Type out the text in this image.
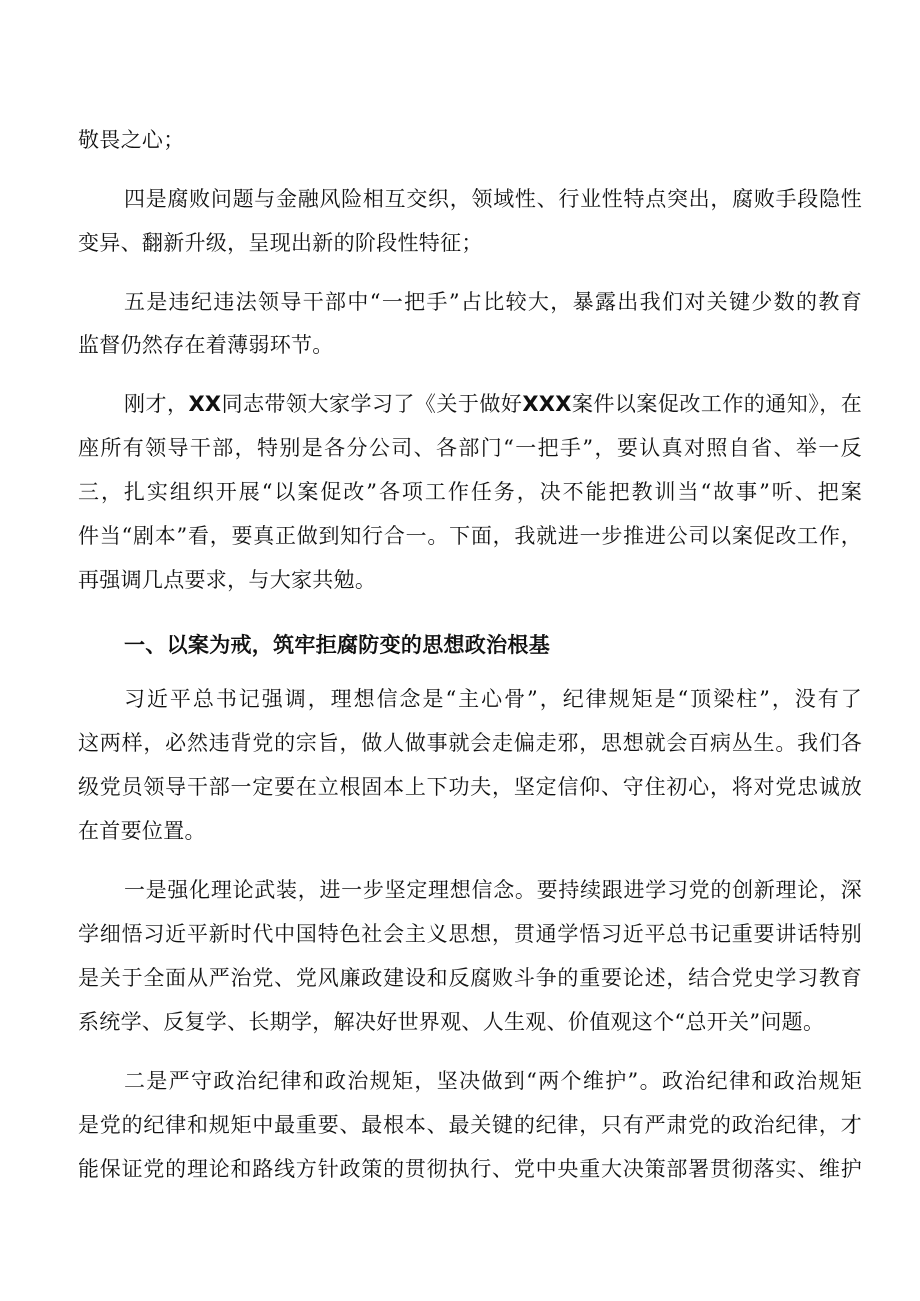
敬畏之心；
四是腐败问题与金融风险相互交织，领域性、行业性特点突出，腐败手段隐性
变异、翻新升级，呈现出新的阶段性特征；
五是违纪违法领导干部中“一把手”占比较大，暴露出我们对关键少数的教育
监督仍然存在着薄弱环节。
刚才，XX同志带领大家学习了《关于做好XXX案件以案促改工作的通知》，在
座所有领导干部，特别是各分公司、各部门“一把手”，要认真对照自省、举一反
三，扎实组织开展“以案促改”各项工作任务，决不能把教训当“故事”听、把案
件当“剧本”看，要真正做到知行合一。下面，我就进一步推进公司以案促改工作，
再强调几点要求，与大家共勉。
一、以案为戒，筑牢拒腐防变的思想政治根基
习近平总书记强调，理想信念是“主心骨”，纪律规矩是“顶梁柱”，没有了
这两样，必然违背党的宗旨，做人做事就会走偏走邪，思想就会百病丛生。我们各
级党员领导干部一定要在立根固本上下功夫，坚定信仰、守住初心，将对党忠诚放
在首要位置。
一是强化理论武装，进一步坚定理想信念。要持续跟进学习党的创新理论，深
学细悟习近平新时代中国特色社会主义思想，贯通学悟习近平总书记重要讲话特别
是关于全面从严治党、党风廉政建设和反腐败斗争的重要论述，结合党史学习教育
系统学、反复学、长期学，解决好世界观、人生观、价值观这个“总开关”问题。
二是严守政治纪律和政治规矩，坚决做到“两个维护”。政治纪律和政治规矩
是党的纪律和规矩中最重要、最根本、最关键的纪律，只有严肃党的政治纪律，才
能保证党的理论和路线方针政策的贯彻执行、党中央重大决策部署贯彻落实、维护
